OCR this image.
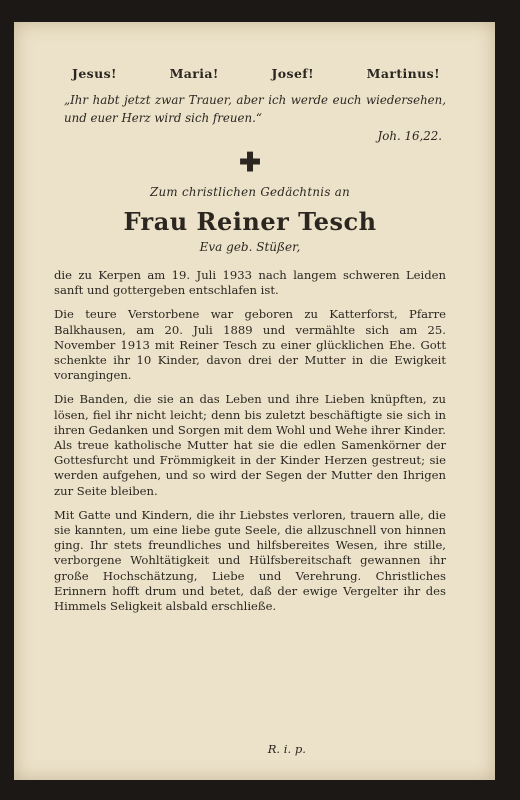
Jesus!	Maria!	Josef!	Martinus!
„Ihr habt jetzt zwar Trauer, aber ich werde euch wiedersehen, und euer Herz wird sich freuen.“
Joh. 16,22.
✚
Zum christlichen Gedächtnis an
Frau Reiner Tesch
Eva geb. Stüßer,
die zu Kerpen am 19. Juli 1933 nach langem schweren Leiden sanft und gottergeben entschlafen ist.
Die teure Verstorbene war geboren zu Katterforst, Pfarre Balkhausen, am 20. Juli 1889 und vermählte sich am 25. November 1913 mit Reiner Tesch zu einer glücklichen Ehe. Gott schenkte ihr 10 Kinder, davon drei der Mutter in die Ewigkeit vorangingen.
Die Banden, die sie an das Leben und ihre Lieben knüpften, zu lösen, fiel ihr nicht leicht; denn bis zuletzt beschäftigte sie sich in ihren Gedanken und Sorgen mit dem Wohl und Wehe ihrer Kinder. Als treue katholische Mutter hat sie die edlen Samenkörner der Gottesfurcht und Frömmigkeit in der Kinder Herzen gestreut; sie werden aufgehen, und so wird der Segen der Mutter den Ihrigen zur Seite bleiben.
Mit Gatte und Kindern, die ihr Liebstes verloren, trauern alle, die sie kannten, um eine liebe gute Seele, die allzuschnell von hinnen ging. Ihr stets freundliches und hilfsbereites Wesen, ihre stille, verborgene Wohltätigkeit und Hülfsbereitschaft gewannen ihr große Hochschätzung, Liebe und Verehrung. Christliches Erinnern hofft drum und betet, daß der ewige Vergelter ihr des Himmels Seligkeit alsbald erschließe.
R. i. p.
